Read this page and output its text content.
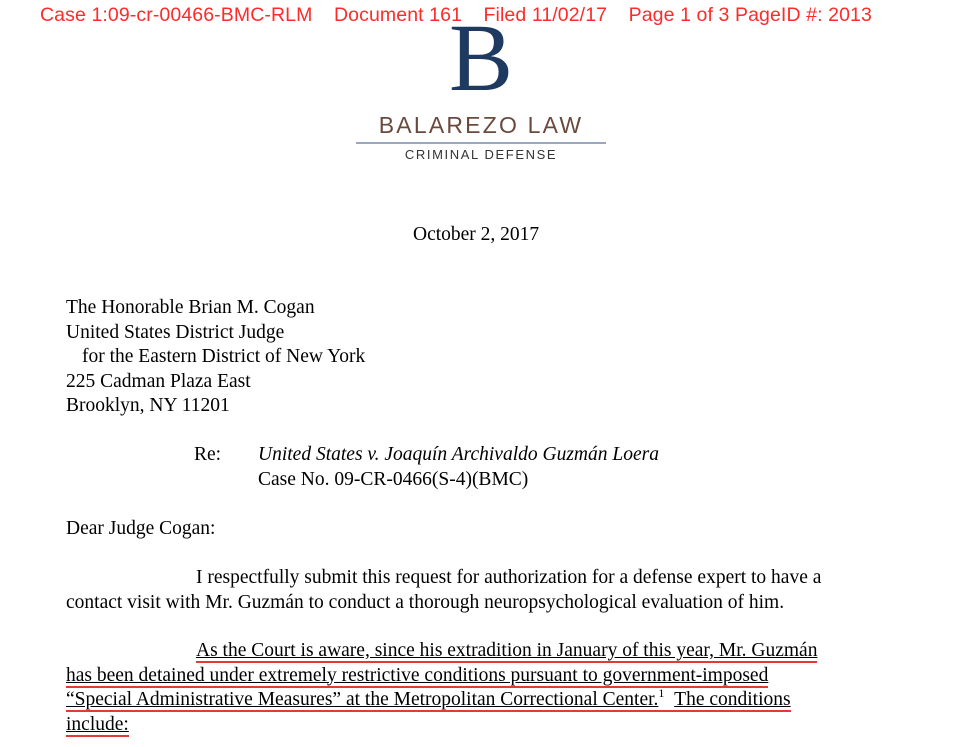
Case 1:09-cr-00466-BMC-RLM Document 161 Filed 11/02/17 Page 1 of 3 PageID #: 2013
B
BALAREZO LAW
CRIMINAL DEFENSE
October 2, 2017
The Honorable Brian M. Cogan
United States District Judge
for the Eastern District of New York
225 Cadman Plaza East
Brooklyn, NY 11201
Re: United States v. Joaquín Archivaldo Guzmán Loera
Case No. 09-CR-0466(S-4)(BMC)
Dear Judge Cogan:
I respectfully submit this request for authorization for a defense expert to have a
contact visit with Mr. Guzmán to conduct a thorough neuropsychological evaluation of him.
As the Court is aware, since his extradition in January of this year, Mr. Guzmán
has been detained under extremely restrictive conditions pursuant to government-imposed
“Special Administrative Measures” at the Metropolitan Correctional Center.$^1$ The conditions
include:
